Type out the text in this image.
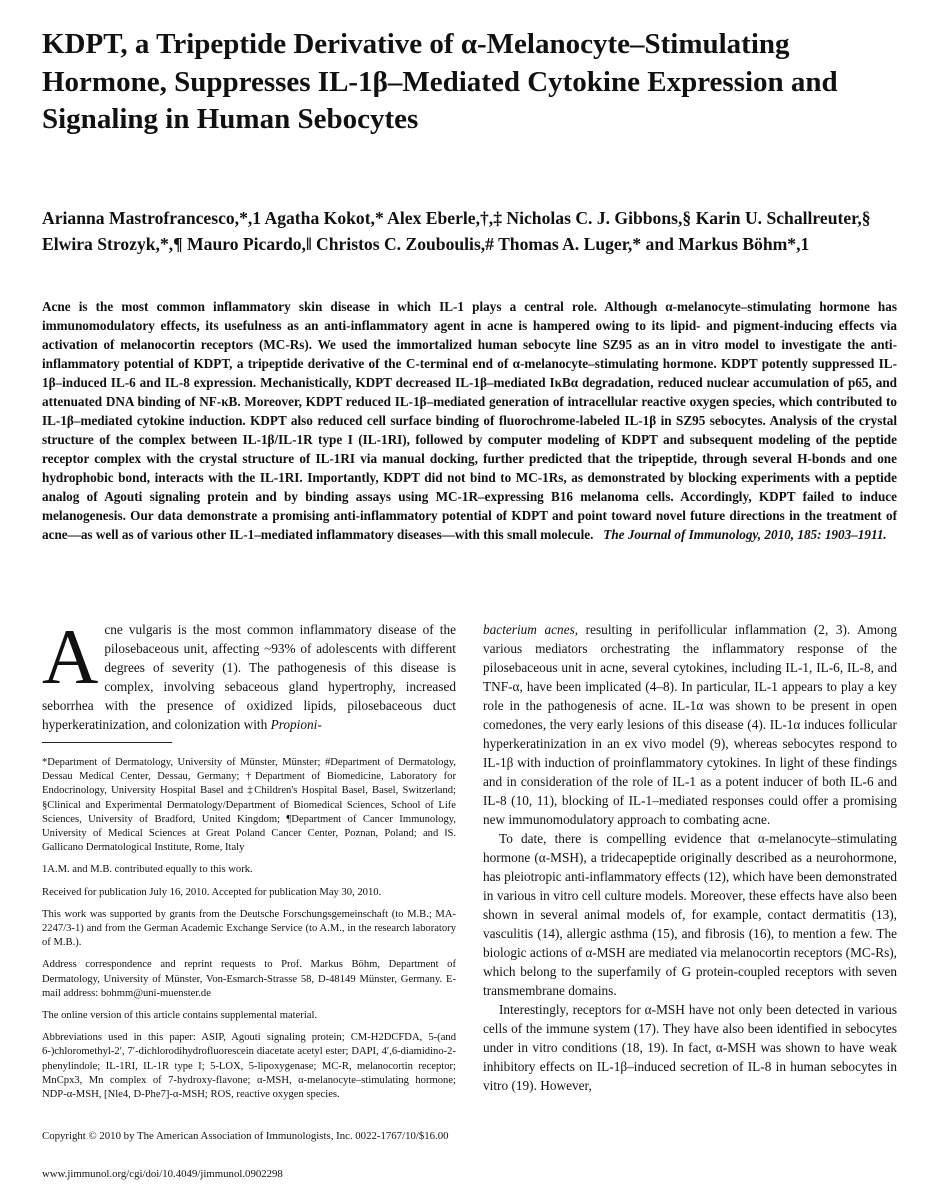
KDPT, a Tripeptide Derivative of α-Melanocyte–Stimulating Hormone, Suppresses IL-1β–Mediated Cytokine Expression and Signaling in Human Sebocytes
Arianna Mastrofrancesco,*,1 Agatha Kokot,* Alex Eberle,†,‡ Nicholas C. J. Gibbons,§ Karin U. Schallreuter,§ Elwira Strozyk,*,¶ Mauro Picardo,‖ Christos C. Zouboulis,# Thomas A. Luger,* and Markus Böhm*,1
Acne is the most common inflammatory skin disease in which IL-1 plays a central role. Although α-melanocyte–stimulating hormone has immunomodulatory effects, its usefulness as an anti-inflammatory agent in acne is hampered owing to its lipid- and pigment-inducing effects via activation of melanocortin receptors (MC-Rs). We used the immortalized human sebocyte line SZ95 as an in vitro model to investigate the anti-inflammatory potential of KDPT, a tripeptide derivative of the C-terminal end of α-melanocyte–stimulating hormone. KDPT potently suppressed IL-1β–induced IL-6 and IL-8 expression. Mechanistically, KDPT decreased IL-1β–mediated IκBα degradation, reduced nuclear accumulation of p65, and attenuated DNA binding of NF-κB. Moreover, KDPT reduced IL-1β–mediated generation of intracellular reactive oxygen species, which contributed to IL-1β–mediated cytokine induction. KDPT also reduced cell surface binding of fluorochrome-labeled IL-1β in SZ95 sebocytes. Analysis of the crystal structure of the complex between IL-1β/IL-1R type I (IL-1RI), followed by computer modeling of KDPT and subsequent modeling of the peptide receptor complex with the crystal structure of IL-1RI via manual docking, further predicted that the tripeptide, through several H-bonds and one hydrophobic bond, interacts with the IL-1RI. Importantly, KDPT did not bind to MC-1Rs, as demonstrated by blocking experiments with a peptide analog of Agouti signaling protein and by binding assays using MC-1R–expressing B16 melanoma cells. Accordingly, KDPT failed to induce melanogenesis. Our data demonstrate a promising anti-inflammatory potential of KDPT and point toward novel future directions in the treatment of acne—as well as of various other IL-1–mediated inflammatory diseases—with this small molecule. The Journal of Immunology, 2010, 185: 1903–1911.

A cne vulgaris is the most common inflammatory disease of the pilosebaceous unit, affecting ~93% of adolescents with different degrees of severity (1). The pathogenesis of this disease is complex, involving sebaceous gland hypertrophy, increased seborrhea with the presence of oxidized lipids, pilosebaceous duct hyperkeratinization, and colonization with Propioni-

*Department of Dermatology, University of Münster, Münster; #Department of Dermatology, Dessau Medical Center, Dessau, Germany; †Department of Biomedicine, Laboratory for Endocrinology, University Hospital Basel and ‡Children's Hospital Basel, Basel, Switzerland; §Clinical and Experimental Dermatology/Department of Biomedical Sciences, School of Life Sciences, University of Bradford, United Kingdom; ¶Department of Cancer Immunology, University of Medical Sciences at Great Poland Cancer Center, Poznan, Poland; and ‖S. Gallicano Dermatological Institute, Rome, Italy

1A.M. and M.B. contributed equally to this work.

Received for publication July 16, 2010. Accepted for publication May 30, 2010.

This work was supported by grants from the Deutsche Forschungsgemeinschaft (to M.B.; MA-2247/3-1) and from the German Academic Exchange Service (to A.M., in the research laboratory of M.B.).

Address correspondence and reprint requests to Prof. Markus Böhm, Department of Dermatology, University of Münster, Von-Esmarch-Strasse 58, D-48149 Münster, Germany. E-mail address: bohmm@uni-muenster.de

The online version of this article contains supplemental material.

Abbreviations used in this paper: ASIP, Agouti signaling protein; CM-H2DCFDA, 5-(and 6-)chloromethyl-2′, 7′-dichlorodihydrofluorescein diacetate acetyl ester; DAPI, 4′,6-diamidino-2-phenylindole; IL-1RI, IL-1R type I; 5-LOX, 5-lipoxygenase; MC-R, melanocortin receptor; MnCpx3, Mn complex of 7-hydroxy-flavone; α-MSH, α-melanocyte–stimulating hormone; NDP-α-MSH, [Nle4, D-Phe7]-α-MSH; ROS, reactive oxygen species.

Copyright © 2010 by The American Association of Immunologists, Inc. 0022-1767/10/$16.00
www.jimmunol.org/cgi/doi/10.4049/jimmunol.0902298

bacterium acnes, resulting in perifollicular inflammation (2, 3). Among various mediators orchestrating the inflammatory response of the pilosebaceous unit in acne, several cytokines, including IL-1, IL-6, IL-8, and TNF-α, have been implicated (4–8). In particular, IL-1 appears to play a key role in the pathogenesis of acne. IL-1α was shown to be present in open comedones, the very early lesions of this disease (4). IL-1α induces follicular hyperkeratinization in an ex vivo model (9), whereas sebocytes respond to IL-1β with induction of proinflammatory cytokines. In light of these findings and in consideration of the role of IL-1 as a potent inducer of both IL-6 and IL-8 (10, 11), blocking of IL-1–mediated responses could offer a promising new immunomodulatory approach to combating acne.

To date, there is compelling evidence that α-melanocyte–stimulating hormone (α-MSH), a tridecapeptide originally described as a neurohormone, has pleiotropic anti-inflammatory effects (12), which have been demonstrated in various in vitro cell culture models. Moreover, these effects have also been shown in several animal models of, for example, contact dermatitis (13), vasculitis (14), allergic asthma (15), and fibrosis (16), to mention a few. The biologic actions of α-MSH are mediated via melanocortin receptors (MC-Rs), which belong to the superfamily of G protein-coupled receptors with seven transmembrane domains.

Interestingly, receptors for α-MSH have not only been detected in various cells of the immune system (17). They have also been identified in sebocytes under in vitro conditions (18, 19). In fact, α-MSH was shown to have weak inhibitory effects on IL-1β–induced secretion of IL-8 in human sebocytes in vitro (19). However,
